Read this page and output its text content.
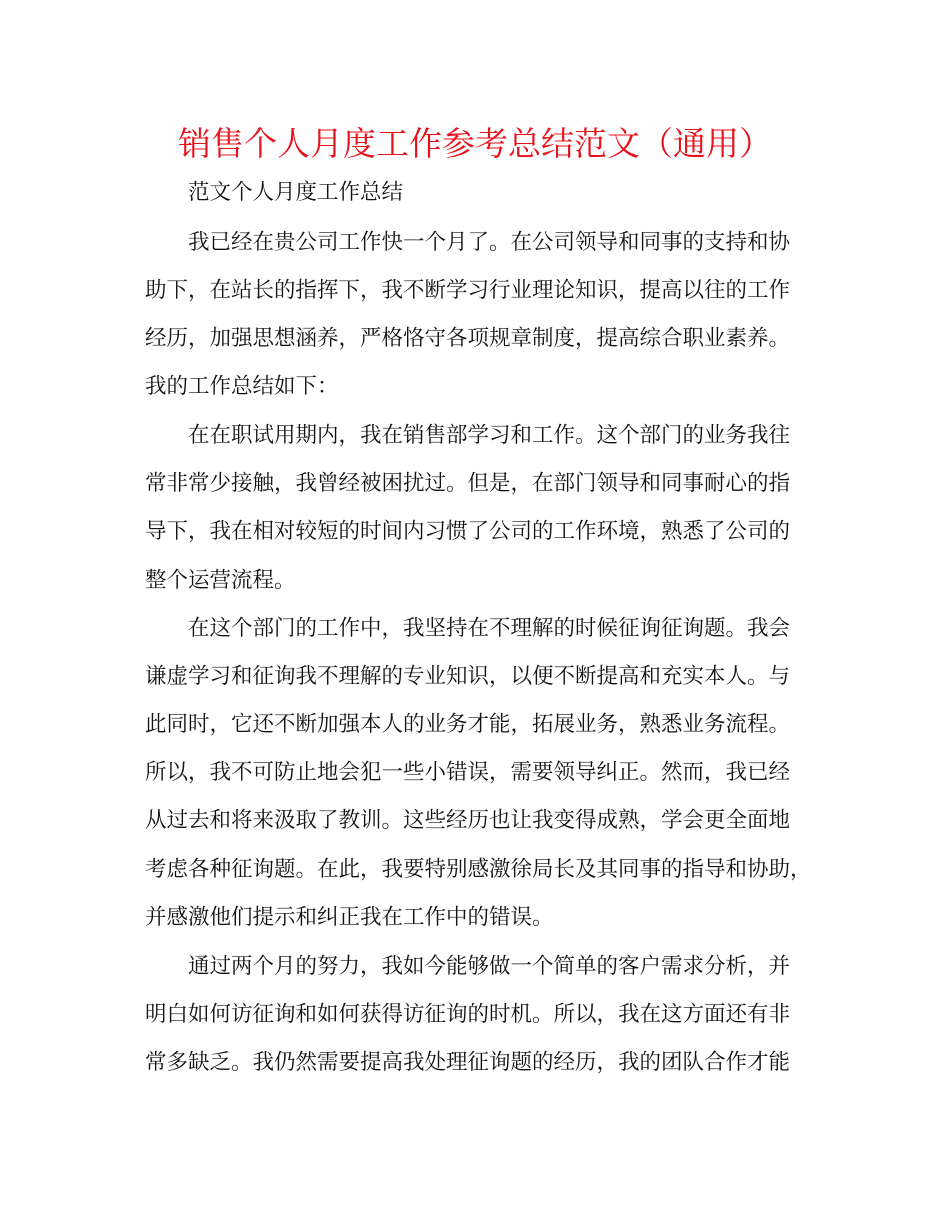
销售个人月度工作参考总结范文（通用）
范文个人月度工作总结
我已经在贵公司工作快一个月了。在公司领导和同事的支持和协
助下，在站长的指挥下，我不断学习行业理论知识，提高以往的工作
经历，加强思想涵养，严格恪守各项规章制度，提高综合职业素养。
我的工作总结如下：
在在职试用期内，我在销售部学习和工作。这个部门的业务我往
常非常少接触，我曾经被困扰过。但是，在部门领导和同事耐心的指
导下，我在相对较短的时间内习惯了公司的工作环境，熟悉了公司的
整个运营流程。
在这个部门的工作中，我坚持在不理解的时候征询征询题。我会
谦虚学习和征询我不理解的专业知识，以便不断提高和充实本人。与
此同时，它还不断加强本人的业务才能，拓展业务，熟悉业务流程。
所以，我不可防止地会犯一些小错误，需要领导纠正。然而，我已经
从过去和将来汲取了教训。这些经历也让我变得成熟，学会更全面地
考虑各种征询题。在此，我要特别感激徐局长及其同事的指导和协助，
并感激他们提示和纠正我在工作中的错误。
通过两个月的努力，我如今能够做一个简单的客户需求分析，并
明白如何访征询和如何获得访征询的时机。所以，我在这方面还有非
常多缺乏。我仍然需要提高我处理征询题的经历，我的团队合作才能
